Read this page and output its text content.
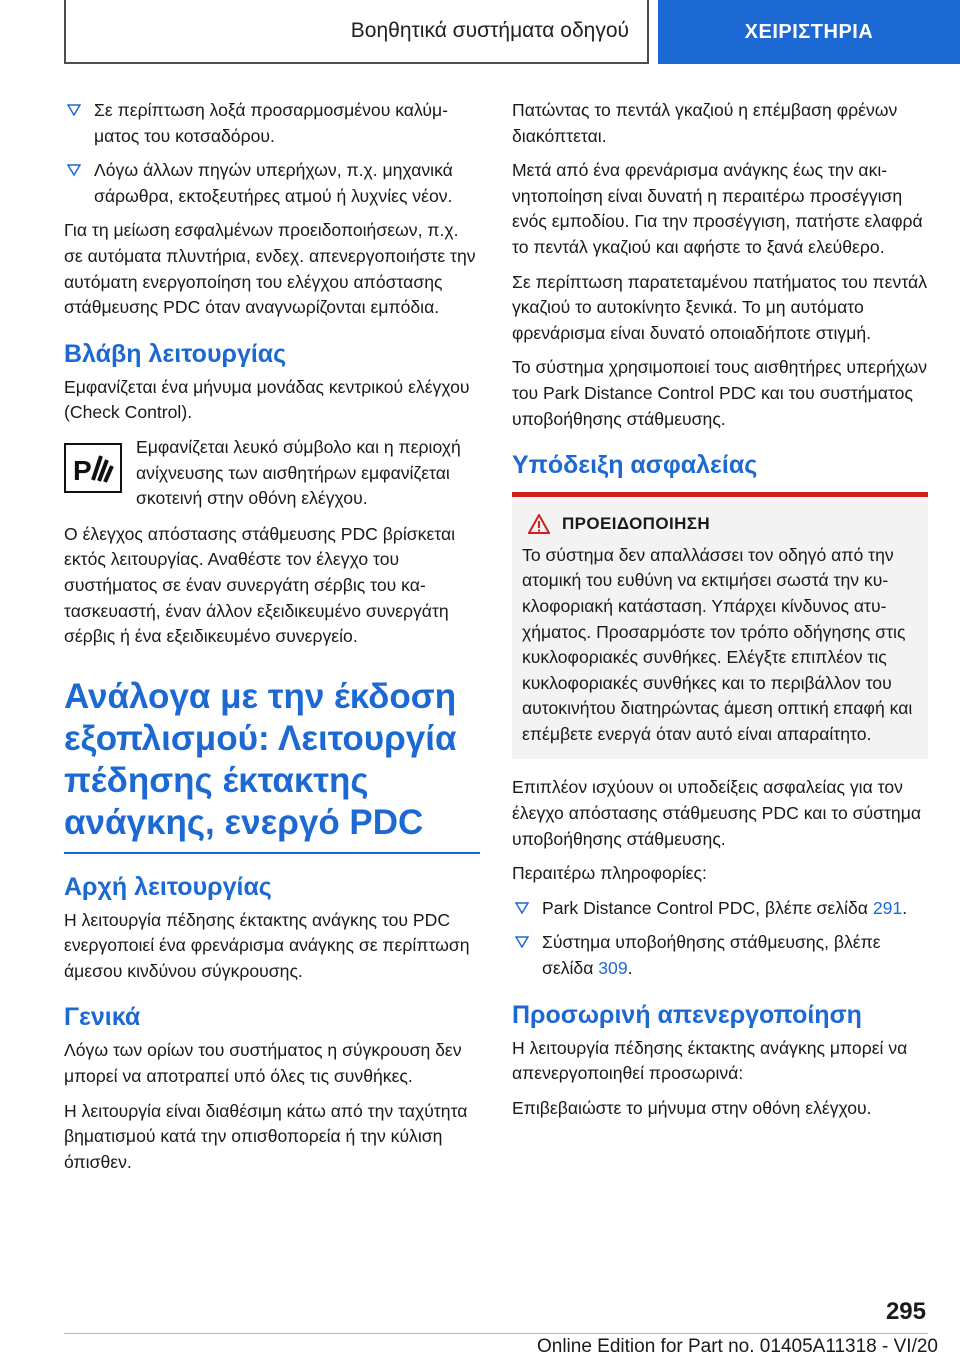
Βοηθητικά συστήματα οδηγού	ΧΕΙΡΙΣΤΗΡΙΑ
Σε περίπτωση λοξά προσαρμοσμένου καλύμματος του κοτσαδόρου.
Λόγω άλλων πηγών υπερήχων, π.χ. μηχανικά σάρωθρα, εκτοξευτήρες ατμού ή λυχνίες νέον.

Για τη μείωση εσφαλμένων προειδοποιήσεων, π.χ. σε αυτόματα πλυντήρια, ενδεχ. απενεργοποιήστε την αυτόματη ενεργοποίηση του ελέγχου απόστασης στάθμευσης PDC όταν αναγνωρίζονται εμπόδια.

Βλάβη λειτουργίας

Εμφανίζεται ένα μήνυμα μονάδας κεντρικού ελέγχου (Check Control).

P
Εμφανίζεται λευκό σύμβολο και η περιοχή ανίχνευσης των αισθητήρων εμφανίζεται σκοτεινή στην οθόνη ελέγχου.

Ο έλεγχος απόστασης στάθμευσης PDC βρίσκεται εκτός λειτουργίας. Αναθέστε τον έλεγχο του συστήματος σε έναν συνεργάτη σέρβις του κατασκευαστή, έναν άλλον εξειδικευμένο συνεργάτη σέρβις ή ένα εξειδικευμένο συνεργείο.

Ανάλογα με την έκδοση εξοπλισμού: Λειτουργία πέδησης έκτακτης ανάγκης, ενεργό PDC
Αρχή λειτουργίας

Η λειτουργία πέδησης έκτακτης ανάγκης του PDC ενεργοποιεί ένα φρενάρισμα ανάγκης σε περίπτωση άμεσου κινδύνου σύγκρουσης.

Γενικά

Λόγω των ορίων του συστήματος η σύγκρουση δεν μπορεί να αποτραπεί υπό όλες τις συνθήκες.

Η λειτουργία είναι διαθέσιμη κάτω από την ταχύτητα βηματισμού κατά την οπισθοπορεία ή την κύλιση όπισθεν.

Πατώντας το πεντάλ γκαζιού η επέμβαση φρένων διακόπτεται.

Μετά από ένα φρενάρισμα ανάγκης έως την ακινητοποίηση είναι δυνατή η περαιτέρω προσέγγιση ενός εμποδίου. Για την προσέγγιση, πατήστε ελαφρά το πεντάλ γκαζιού και αφήστε το ξανά ελεύθερο.

Σε περίπτωση παρατεταμένου πατήματος του πεντάλ γκαζιού το αυτοκίνητο ξενικά. Το μη αυτόματο φρενάρισμα είναι δυνατό οποιαδήποτε στιγμή.

Το σύστημα χρησιμοποιεί τους αισθητήρες υπερήχων του Park Distance Control PDC και του συστήματος υποβοήθησης στάθμευσης.

Υπόδειξη ασφαλείας
ΠΡΟΕΙΔΟΠΟΙΗΣΗ
Το σύστημα δεν απαλλάσσει τον οδηγό από την ατομική του ευθύνη να εκτιμήσει σωστά την κυκλοφοριακή κατάσταση. Υπάρχει κίνδυνος ατυχήματος. Προσαρμόστε τον τρόπο οδήγησης στις κυκλοφοριακές συνθήκες. Ελέγξτε επιπλέον τις κυκλοφοριακές συνθήκες και το περιβάλλον του αυτοκινήτου διατηρώντας άμεση οπτική επαφή και επέμβετε ενεργά όταν αυτό είναι απαραίτητο.

Επιπλέον ισχύουν οι υποδείξεις ασφαλείας για τον έλεγχο απόστασης στάθμευσης PDC και το σύστημα υποβοήθησης στάθμευσης.

Περαιτέρω πληροφορίες:

Park Distance Control PDC, βλέπε σελίδα 291.
Σύστημα υποβοήθησης στάθμευσης, βλέπε σελίδα 309.
Προσωρινή απενεργοποίηση

Η λειτουργία πέδησης έκτακτης ανάγκης μπορεί να απενεργοποιηθεί προσωρινά:

Επιβεβαιώστε το μήνυμα στην οθόνη ελέγχου.

295
Online Edition for Part no. 01405A11318 - VI/20
